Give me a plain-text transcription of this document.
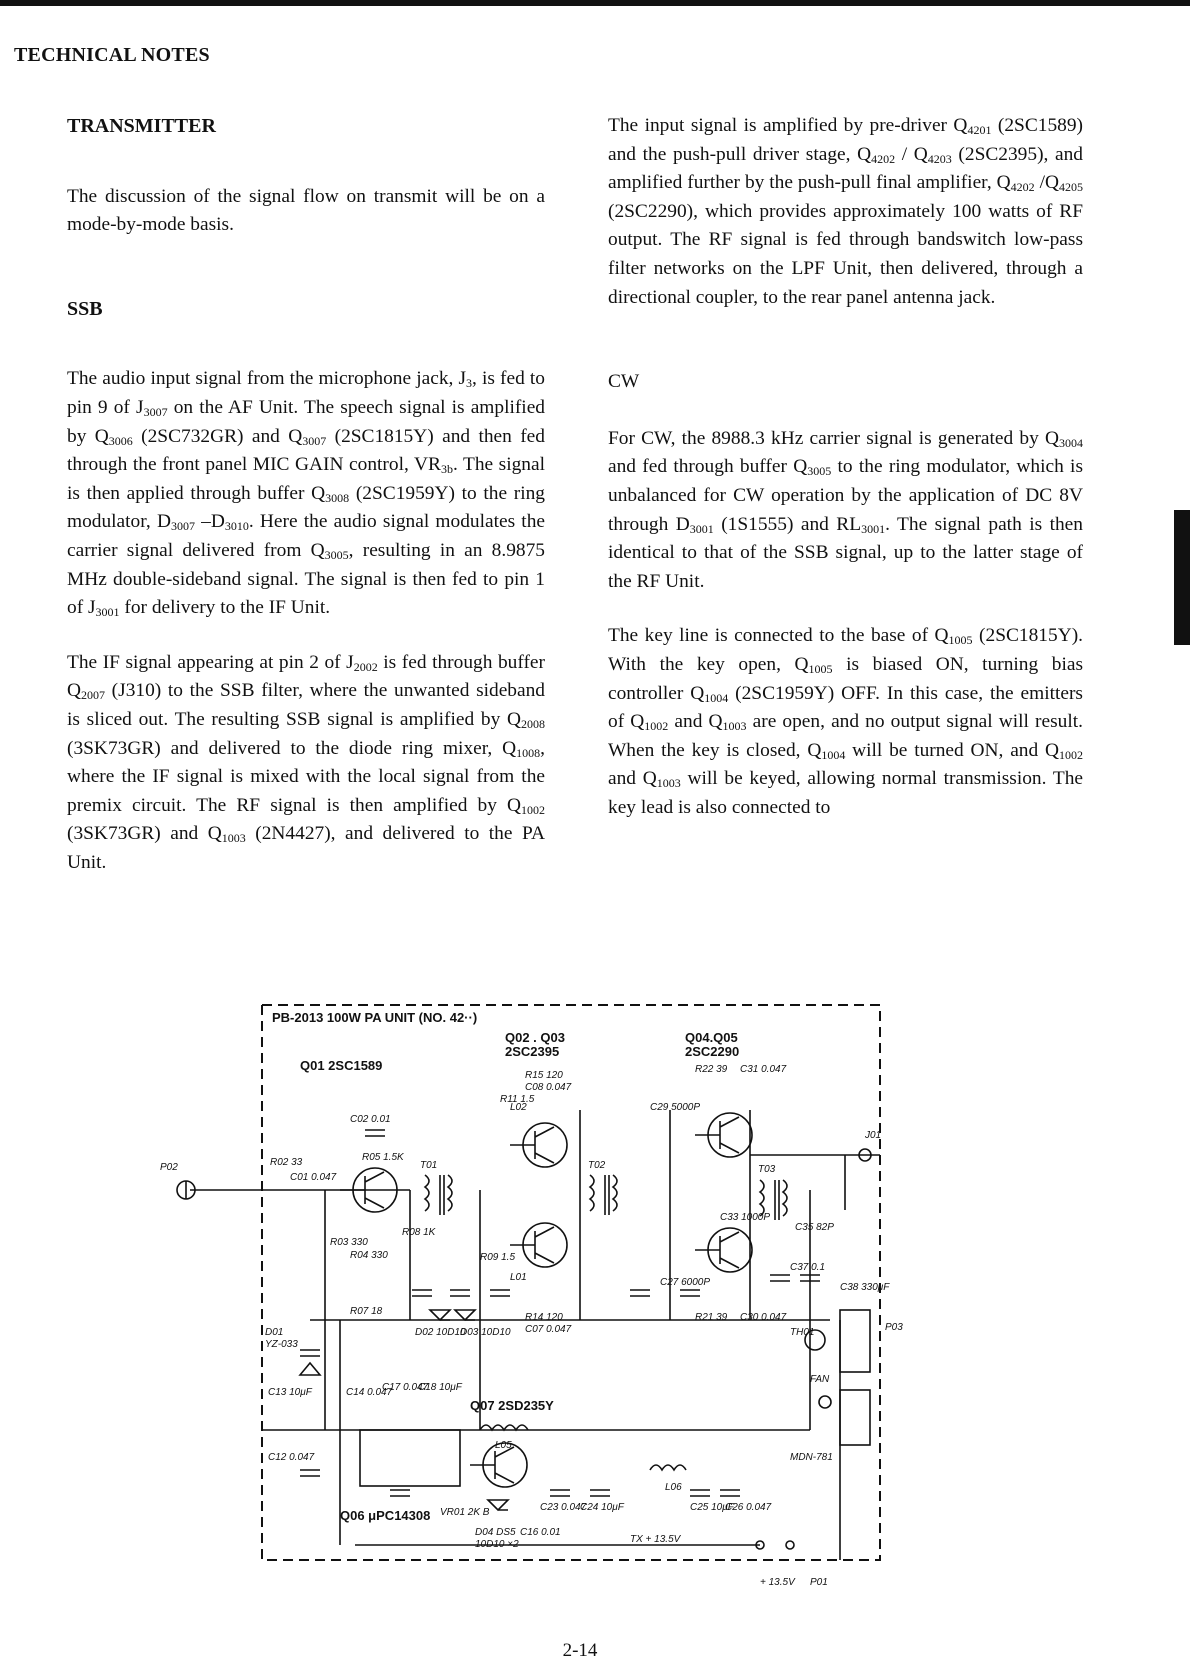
TECHNICAL NOTES
TRANSMITTER

The discussion of the signal flow on transmit will be on a mode-by-mode basis.

SSB

The audio input signal from the microphone jack, $J_3$, is fed to pin 9 of $J_{3007}$ on the AF Unit. The speech signal is amplified by $Q_{3006}$ (2SC732GR) and $Q_{3007}$ (2SC1815Y) and then fed through the front panel MIC GAIN control, $VR_{3b}$. The signal is then applied through buffer $Q_{3008}$ (2SC1959Y) to the ring modulator, $D_{3007}$ $-D_{3010}$. Here the audio signal modulates the carrier signal delivered from $Q_{3005}$, resulting in an 8.9875 MHz double-sideband signal. The signal is then fed to pin 1 of $J_{3001}$ for delivery to the IF Unit.

The IF signal appearing at pin 2 of $J_{2002}$ is fed through buffer $Q_{2007}$ (J310) to the SSB filter, where the unwanted sideband is sliced out. The resulting SSB signal is amplified by $Q_{2008}$ (3SK73GR) and delivered to the diode ring mixer, $Q_{1008}$, where the IF signal is mixed with the local signal from the premix circuit. The RF signal is then amplified by $Q_{1002}$ (3SK73GR) and $Q_{1003}$ (2N4427), and delivered to the PA Unit.

The input signal is amplified by pre-driver $Q_{4201}$ (2SC1589) and the push-pull driver stage, $Q_{4202} / Q_{4203}$ (2SC2395), and amplified further by the push-pull final amplifier, $Q_{4202}$ $/Q_{4205}$ (2SC2290), which provides approximately 100 watts of RF output. The RF signal is fed through bandswitch low-pass filter networks on the LPF Unit, then delivered, through a directional coupler, to the rear panel antenna jack.

CW

For CW, the 8988.3 kHz carrier signal is generated by $Q_{3004}$ and fed through buffer $Q_{3005}$ to the ring modulator, which is unbalanced for CW operation by the application of DC 8V through $D_{3001}$ (1S1555) and $RL_{3001}$. The signal path is then identical to that of the SSB signal, up to the latter stage of the RF Unit.

The key line is connected to the base of $Q_{1005}$ (2SC1815Y). With the key open, $Q_{1005}$ is biased ON, turning bias controller $Q_{1004}$ (2SC1959Y) OFF. In this case, the emitters of $Q_{1002}$ and $Q_{1003}$ are open, and no output signal will result. When the key is closed, $Q_{1004}$ will be turned ON, and $Q_{1002}$ and $Q_{1003}$ will be keyed, allowing normal transmission. The key lead is also connected to

PB-2013 100W PA UNIT (NO. 42··)
Q01 2SC1589
Q02 . Q03
2SC2395
Q04.Q05
2SC2290
Q07 2SD235Y
Q06 μPC14308
P02
J01
P03
P01
+ 13.5V
TX + 13.5V
T01	T02	T03
FAN
TH01
D01
YZ-033
R02 33
C01 0.047
C02 0.01
R03 330
R04 330
R05 1.5K
R08 1K
R07 18
R11 1.5
R09 1.5
R15 120
C08 0.047
R14 120
C07 0.047
R22 39 C31 0.047
R21 39 C30 0.047
C29 5000P
C27 6000P
C37 0.1
C38 330μF
C35 82P
C33 1000P
L05
L06
L01
L02
C13 10μF
C12 0.047
C14 0.047
C17 0.047
C18 10μF
C23 0.047
C24 10μF	C25 10μF
C26 0.047
VR01 2K B
D02 10D10
D03 10D10
D04 DS5
10D10 ×2
C16 0.01
MDN-781
2-14
